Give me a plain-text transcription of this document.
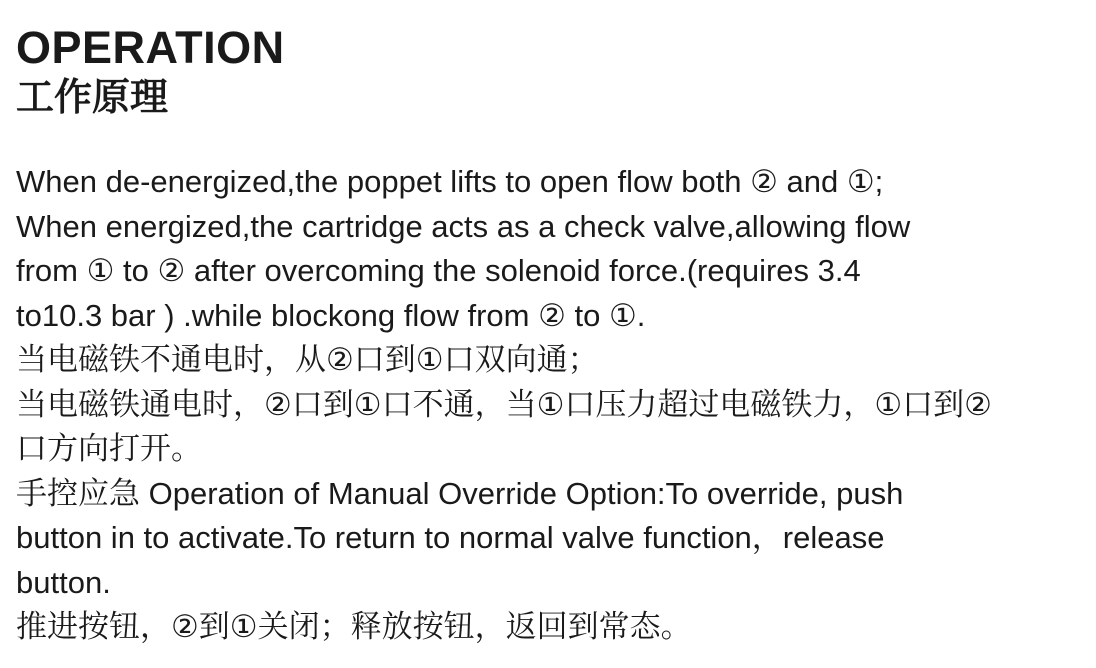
OPERATION
工作原理

When de-energized,the poppet lifts to open flow both ② and ①;
When energized,the cartridge acts as a check valve,allowing flow
from ① to ② after overcoming the solenoid force.(requires 3.4
to10.3 bar ) .while blockong flow from ② to ①.

当电磁铁不通电时，从②口到①口双向通；

当电磁铁通电时，②口到①口不通，当①口压力超过电磁铁力，①口到②
口方向打开。

手控应急 Operation of Manual Override Option:To override, push
button in to activate.To return to normal valve function，release
button.

推进按钮，②到①关闭；释放按钮，返回到常态。
